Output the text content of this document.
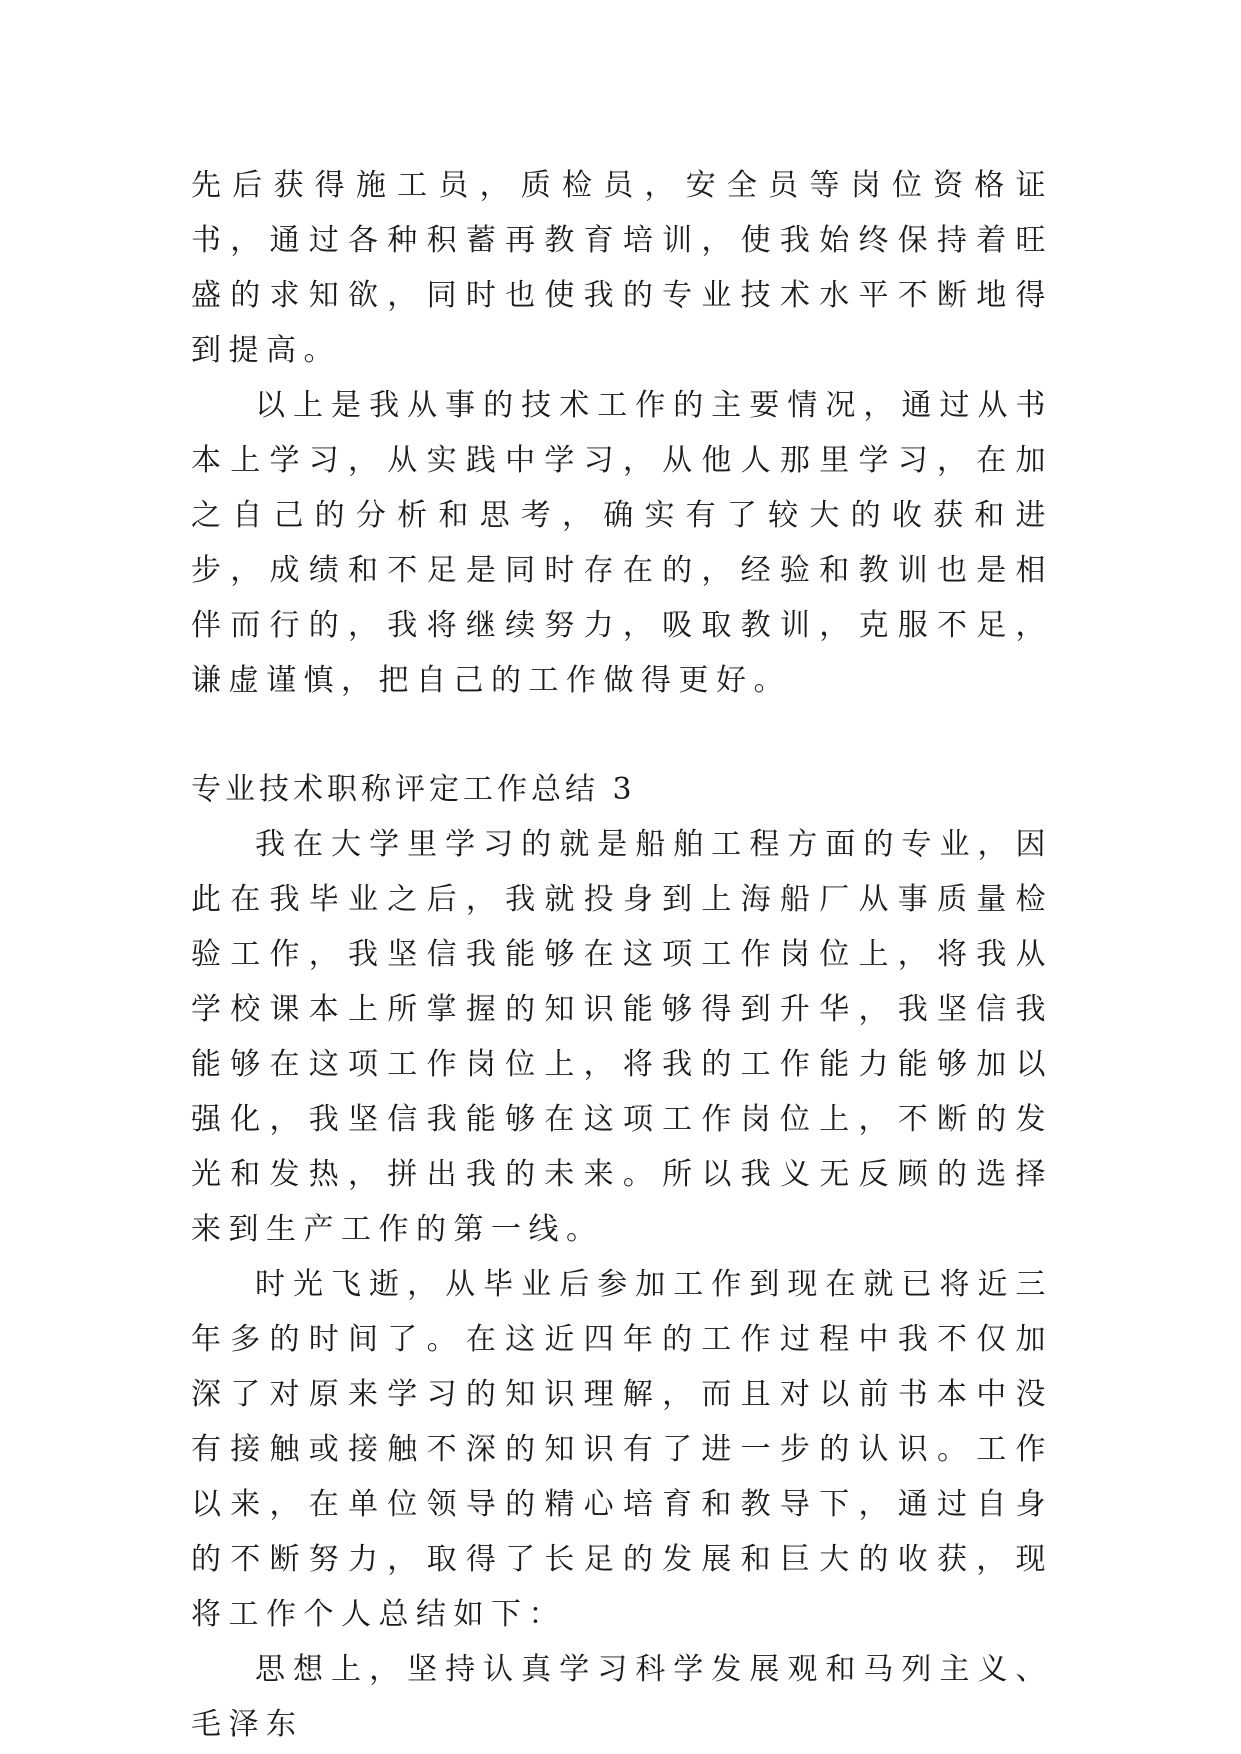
先后获得施工员，质检员，安全员等岗位资格证书，通过各种积蓄再教育培训，使我始终保持着旺盛的求知欲，同时也使我的专业技术水平不断地得到提高。

以上是我从事的技术工作的主要情况，通过从书本上学习，从实践中学习，从他人那里学习，在加之自己的分析和思考，确实有了较大的收获和进步，成绩和不足是同时存在的，经验和教训也是相伴而行的，我将继续努力，吸取教训，克服不足，谦虚谨慎，把自己的工作做得更好。

专业技术职称评定工作总结 3

我在大学里学习的就是船舶工程方面的专业，因此在我毕业之后，我就投身到上海船厂从事质量检验工作，我坚信我能够在这项工作岗位上，将我从学校课本上所掌握的知识能够得到升华，我坚信我能够在这项工作岗位上，将我的工作能力能够加以强化，我坚信我能够在这项工作岗位上，不断的发光和发热，拼出我的未来。所以我义无反顾的选择来到生产工作的第一线。

时光飞逝，从毕业后参加工作到现在就已将近三年多的时间了。在这近四年的工作过程中我不仅加深了对原来学习的知识理解，而且对以前书本中没有接触或接触不深的知识有了进一步的认识。工作以来，在单位领导的精心培育和教导下，通过自身的不断努力，取得了长足的发展和巨大的收获，现将工作个人总结如下：

思想上，坚持认真学习科学发展观和马列主义、毛泽东
